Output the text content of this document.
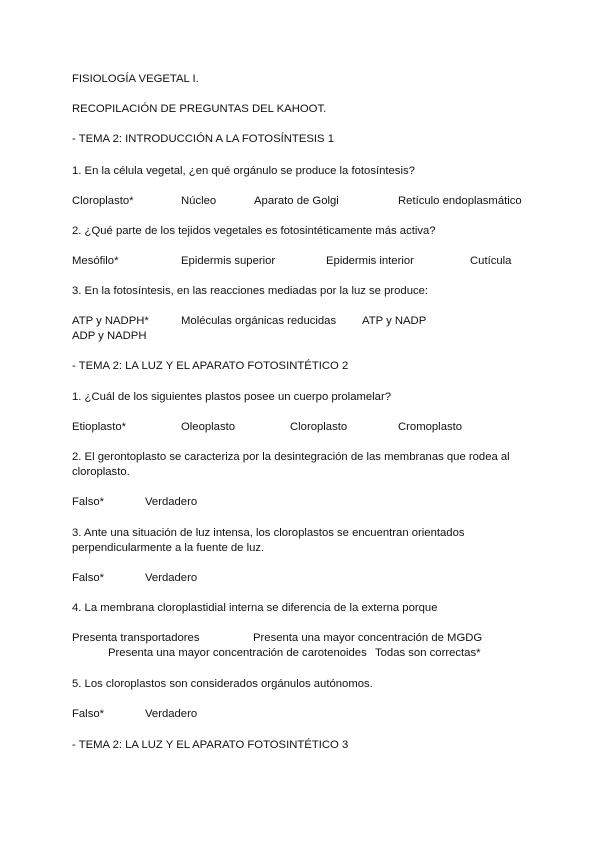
FISIOLOGÍA VEGETAL I.
RECOPILACIÓN DE PREGUNTAS DEL KAHOOT.
- TEMA 2: INTRODUCCIÓN A LA FOTOSÍNTESIS 1
1. En la célula vegetal, ¿en qué orgánulo se produce la fotosíntesis?
Cloroplasto*	Núcleo	Aparato de Golgi	Retículo endoplasmático
2. ¿Qué parte de los tejidos vegetales es fotosintéticamente más activa?
Mesófilo*	Epidermis superior	Epidermis interior	Cutícula
3. En la fotosíntesis, en las reacciones mediadas por la luz se produce:
ATP y NADPH*	Moléculas orgánicas reducidas ATP y NADP
ADP y NADPH
- TEMA 2: LA LUZ Y EL APARATO FOTOSINTÉTICO 2
1. ¿Cuál de los siguientes plastos posee un cuerpo prolamelar?
Etioplasto*	Oleoplasto	Cloroplasto	Cromoplasto
2. El gerontoplasto se caracteriza por la desintegración de las membranas que rodea al
cloroplasto.
Falso*	Verdadero
3. Ante una situación de luz intensa, los cloroplastos se encuentran orientados
perpendicularmente a la fuente de luz.
Falso*	Verdadero
4. La membrana cloroplastidial interna se diferencia de la externa porque
Presenta transportadores	Presenta una mayor concentración de MGDG
Presenta una mayor concentración de carotenoides Todas son correctas*
5. Los cloroplastos son considerados orgánulos autónomos.
Falso*	Verdadero
- TEMA 2: LA LUZ Y EL APARATO FOTOSINTÉTICO 3
